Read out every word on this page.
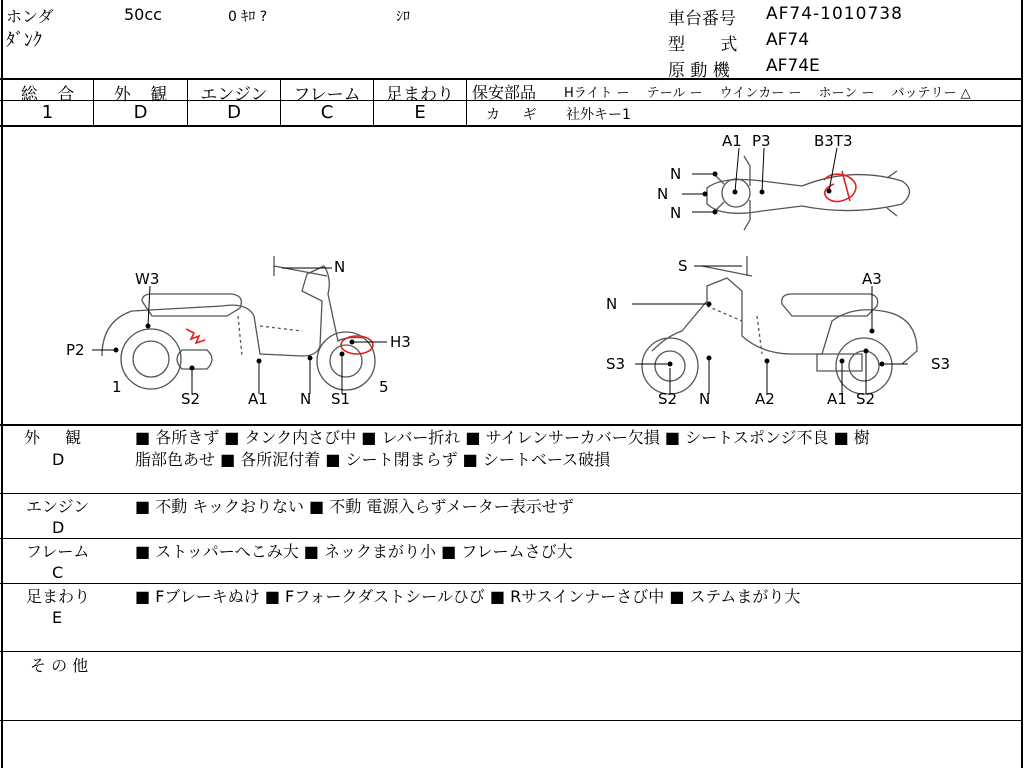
ホンダ	50cc	0 ｷﾛ ?	ｼﾛ
ﾀﾞﾝｸ
車台番号 AF74-1010738
型 式 AF74
原 動 機 AF74E
総 合	外 観	エンジン	フレーム	足まわり
1	D	D	C	E
保安部品 Hライト ー　 テール ー　 ウインカー ー　 ホーン ー　 バッテリー △
カ ギ 社外キー1
A1 P3	B3T3
N
N
N
W3
N
P2	H3
1
S2	A1 N S1
5
S
N
A3
S3	S3
S2 N	A2	A1 S2
外 観
D
■ 各所きず ■ タンク内さび中 ■ レバー折れ ■ サイレンサーカバー欠損 ■ シートスポンジ不良 ■ 樹
脂部色あせ ■ 各所泥付着 ■ シート閉まらず ■ シートベース破損
エンジン
D
■ 不動 キックおりない ■ 不動 電源入らずメーター表示せず
フレーム
C
■ ストッパーへこみ大 ■ ネックまがり小 ■ フレームさび大
足まわり
E
■ Fブレーキぬけ ■ Fフォークダストシールひび ■ Rサスインナーさび中 ■ ステムまがり大
そ の 他
